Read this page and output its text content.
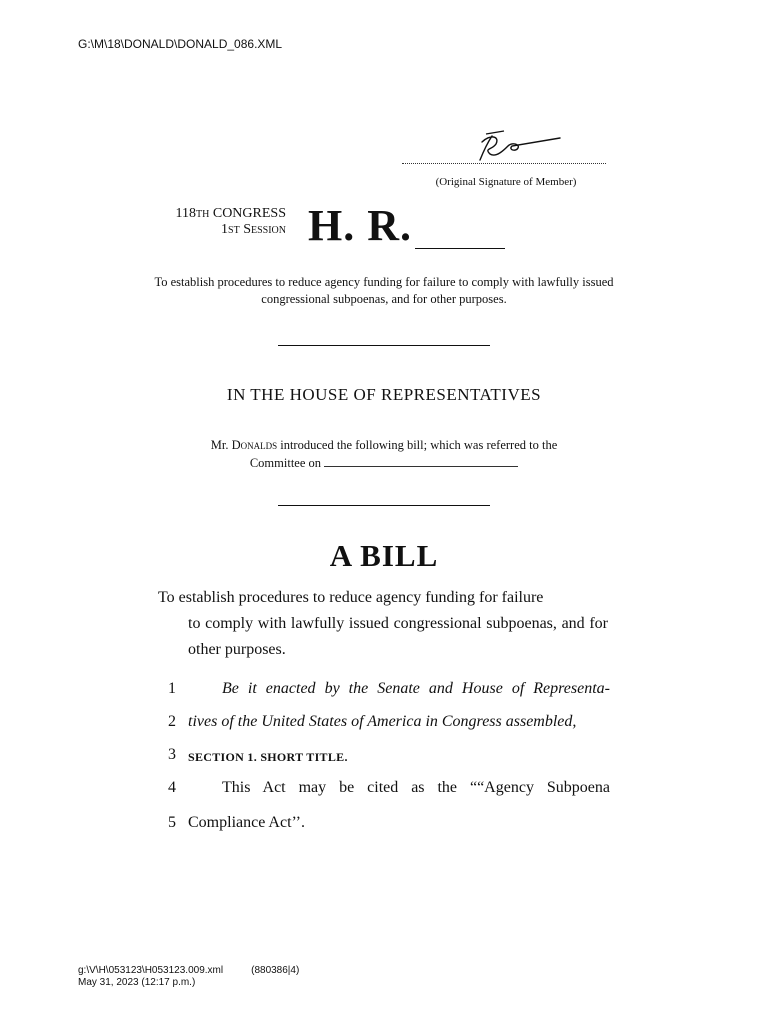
G:\M\18\DONALD\DONALD_086.XML
(Original Signature of Member)
118th CONGRESS
1st Session H. R.
To establish procedures to reduce agency funding for failure to comply with lawfully issued congressional subpoenas, and for other purposes.
IN THE HOUSE OF REPRESENTATIVES
Mr. Donalds introduced the following bill; which was referred to the
Committee on
A BILL
To establish procedures to reduce agency funding for failure
to comply with lawfully issued congressional subpoenas, and for other purposes.
1	Be it enacted by the Senate and House of Representa-
2 tives of the United States of America in Congress assembled,
3 SECTION 1. SHORT TITLE.
4	This Act may be cited as the ““Agency Subpoena
5 Compliance Act’’.
g:\V\H\053123\H053123.009.xml	(880386|4)
May 31, 2023 (12:17 p.m.)
